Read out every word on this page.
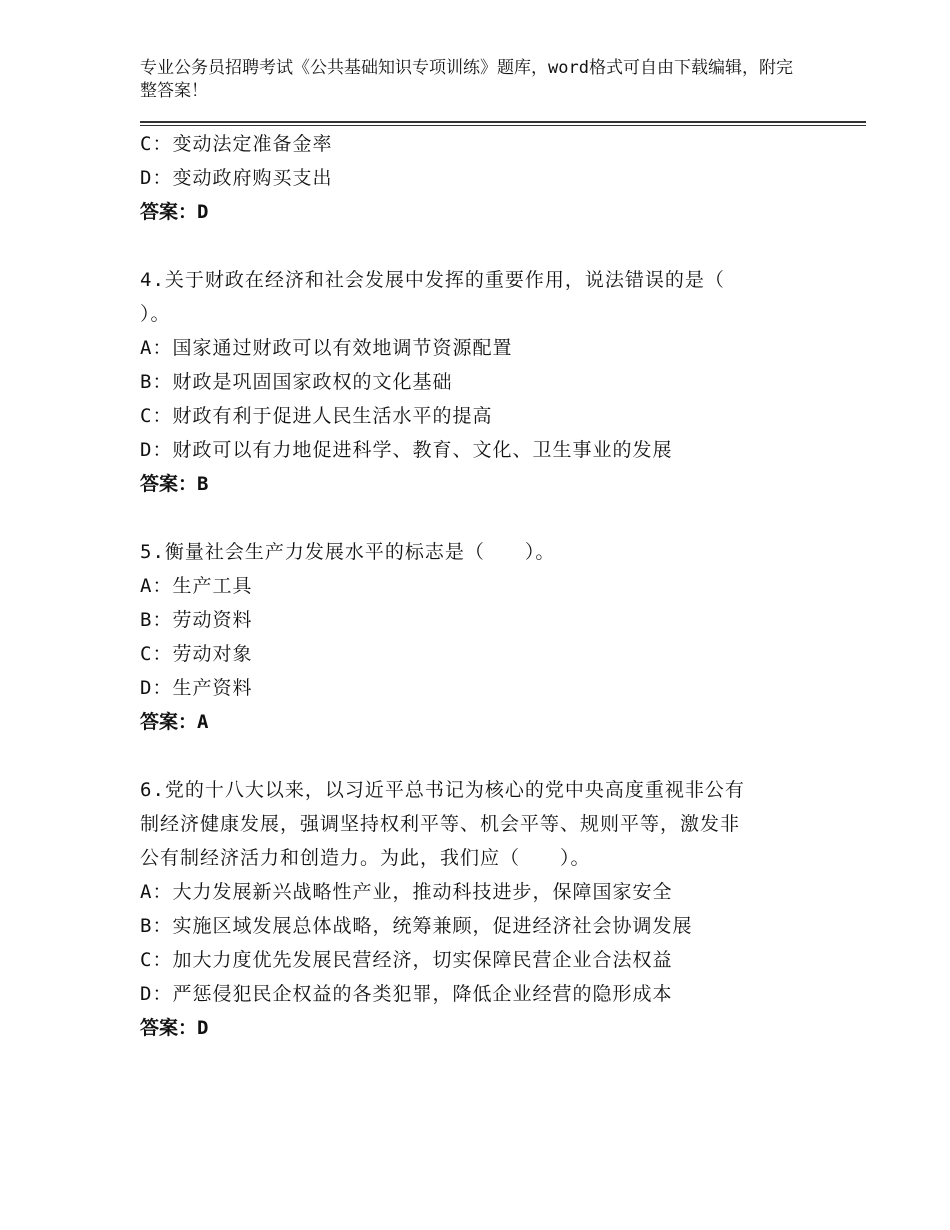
专业公务员招聘考试《公共基础知识专项训练》题库，word格式可自由下载编辑，附完整答案！
C：变动法定准备金率
D：变动政府购买支出
答案：D
4.关于财政在经济和社会发展中发挥的重要作用，说法错误的是（
）。
A：国家通过财政可以有效地调节资源配置
B：财政是巩固国家政权的文化基础
C：财政有利于促进人民生活水平的提高
D：财政可以有力地促进科学、教育、文化、卫生事业的发展
答案：B
5.衡量社会生产力发展水平的标志是（　　）。
A：生产工具
B：劳动资料
C：劳动对象
D：生产资料
答案：A
6.党的十八大以来，以习近平总书记为核心的党中央高度重视非公有
制经济健康发展，强调坚持权利平等、机会平等、规则平等，激发非
公有制经济活力和创造力。为此，我们应（　　）。
A：大力发展新兴战略性产业，推动科技进步，保障国家安全
B：实施区域发展总体战略，统筹兼顾，促进经济社会协调发展
C：加大力度优先发展民营经济，切实保障民营企业合法权益
D：严惩侵犯民企权益的各类犯罪，降低企业经营的隐形成本
答案：D
